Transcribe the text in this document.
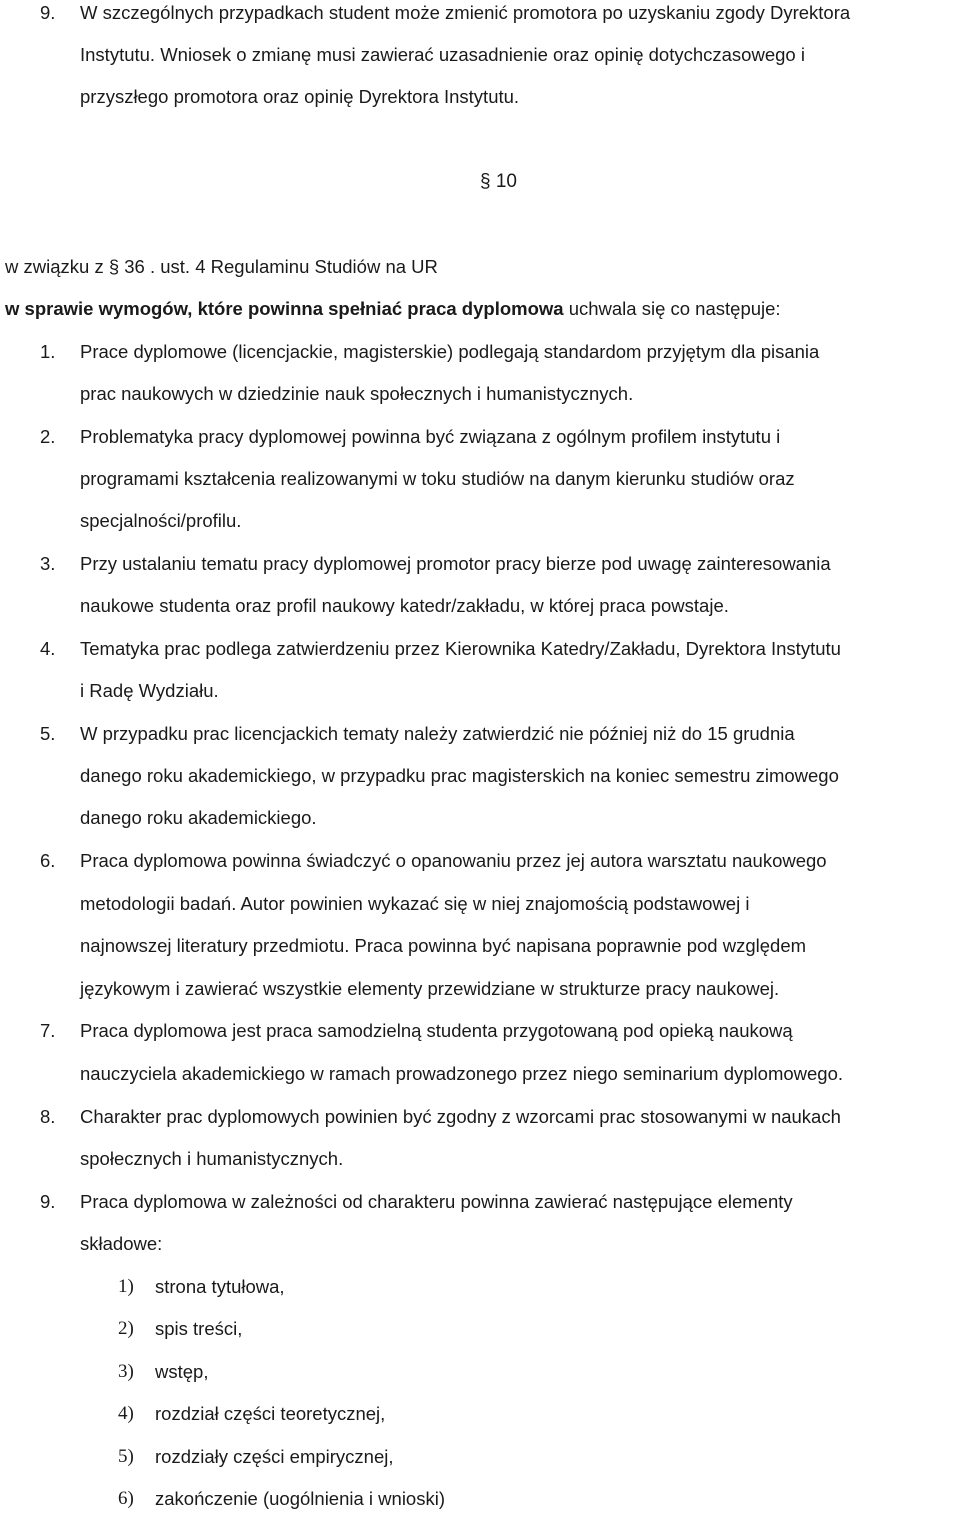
9. W szczególnych przypadkach student może zmienić promotora po uzyskaniu zgody Dyrektora
Instytutu. Wniosek o zmianę musi zawierać uzasadnienie oraz opinię dotychczasowego i
przyszłego promotora oraz opinię Dyrektora Instytutu.
§ 10
w związku z § 36 . ust. 4 Regulaminu Studiów na UR
w sprawie wymogów, które powinna spełniać praca dyplomowa uchwala się co następuje:
1. Prace dyplomowe (licencjackie, magisterskie) podlegają standardom przyjętym dla pisania
prac naukowych w dziedzinie nauk społecznych i humanistycznych.
2. Problematyka pracy dyplomowej powinna być związana z ogólnym profilem instytutu i
programami kształcenia realizowanymi w toku studiów na danym kierunku studiów oraz
specjalności/profilu.
3. Przy ustalaniu tematu pracy dyplomowej promotor pracy bierze pod uwagę zainteresowania
naukowe studenta oraz profil naukowy katedr/zakładu, w której praca powstaje.
4. Tematyka prac podlega zatwierdzeniu przez Kierownika Katedry/Zakładu, Dyrektora Instytutu
i Radę Wydziału.
5. W przypadku prac licencjackich tematy należy zatwierdzić nie później niż do 15 grudnia
danego roku akademickiego, w przypadku prac magisterskich na koniec semestru zimowego
danego roku akademickiego.
6. Praca dyplomowa powinna świadczyć o opanowaniu przez jej autora warsztatu naukowego
metodologii badań. Autor powinien wykazać się w niej znajomością podstawowej i
najnowszej literatury przedmiotu. Praca powinna być napisana poprawnie pod względem
językowym i zawierać wszystkie elementy przewidziane w strukturze pracy naukowej.
7. Praca dyplomowa jest praca samodzielną studenta przygotowaną pod opieką naukową
nauczyciela akademickiego w ramach prowadzonego przez niego seminarium dyplomowego.
8. Charakter prac dyplomowych powinien być zgodny z wzorcami prac stosowanymi w naukach
społecznych i humanistycznych.
9. Praca dyplomowa w zależności od charakteru powinna zawierać następujące elementy
składowe:
1) strona tytułowa,
2) spis treści,
3) wstęp,
4) rozdział części teoretycznej,
5) rozdziały części empirycznej,
6) zakończenie (uogólnienia i wnioski)
